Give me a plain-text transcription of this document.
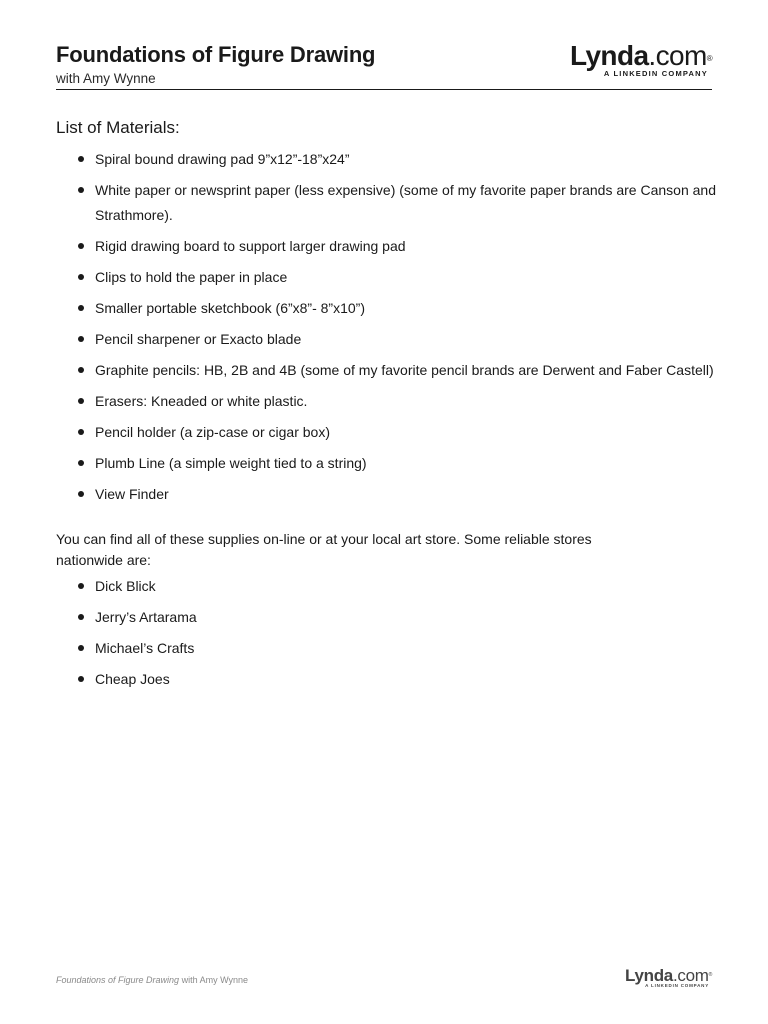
Foundations of Figure Drawing
with Amy Wynne
Lynda.com®
A LINKEDIN COMPANY
List of Materials:
Spiral bound drawing pad 9”x12”-18”x24”
White paper or newsprint paper (less expensive) (some of my favorite paper brands are Canson and Strathmore).
Rigid drawing board to support larger drawing pad
Clips to hold the paper in place
Smaller portable sketchbook (6”x8”- 8”x10”)
Pencil sharpener or Exacto blade
Graphite pencils: HB, 2B and 4B (some of my favorite pencil brands are Derwent and Faber Castell)
Erasers: Kneaded or white plastic.
Pencil holder (a zip-case or cigar box)
Plumb Line (a simple weight tied to a string)
View Finder

You can find all of these supplies on-line or at your local art store. Some reliable stores nationwide are:

Dick Blick
Jerry’s Artarama
Michael’s Crafts
Cheap Joes
Foundations of Figure Drawing with Amy Wynne	Lynda.com®
A LINKEDIN COMPANY
